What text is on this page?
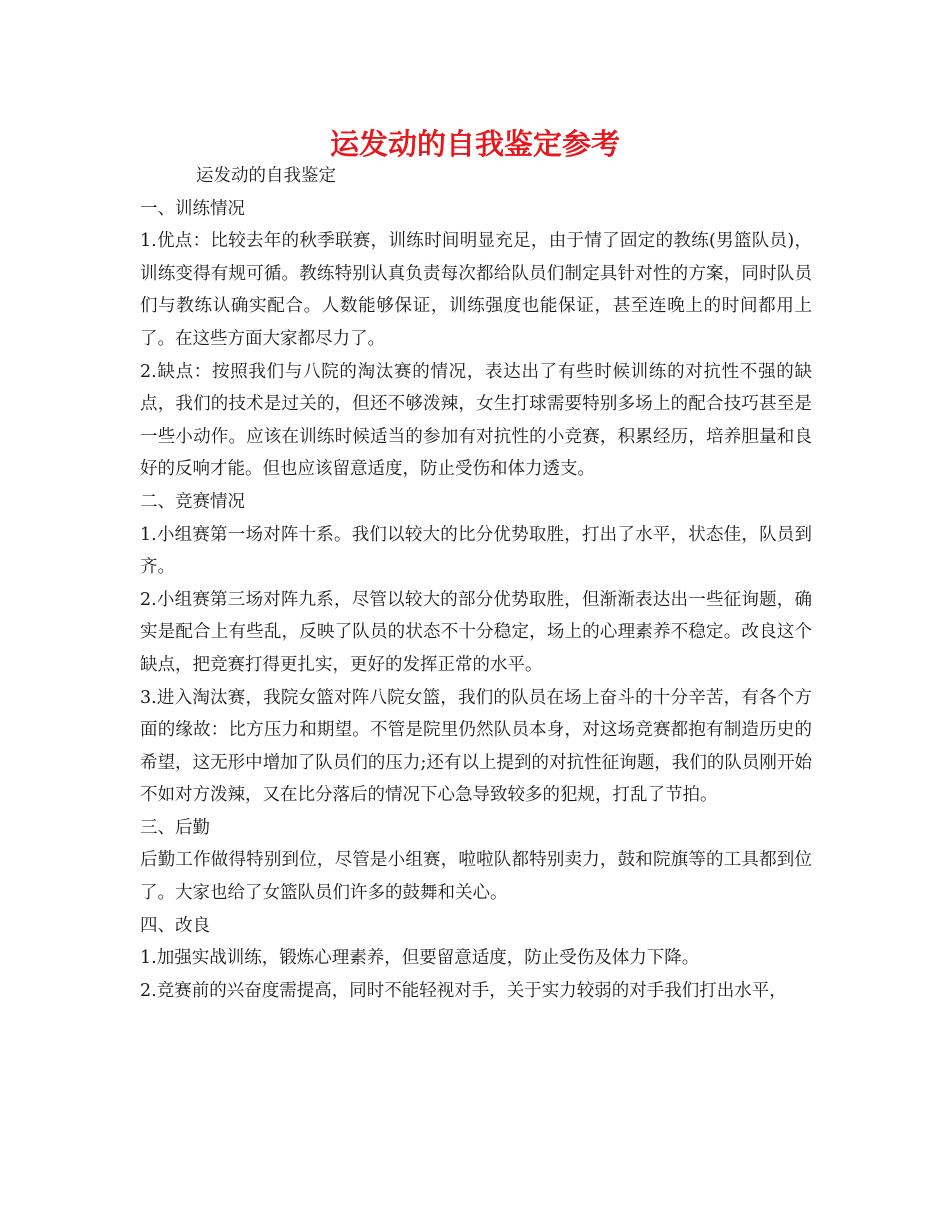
运发动的自我鉴定参考
运发动的自我鉴定

一、训练情况

1.优点：比较去年的秋季联赛，训练时间明显充足，由于情了固定的教练(男篮队员)，训练变得有规可循。教练特别认真负责每次都给队员们制定具针对性的方案，同时队员们与教练认确实配合。人数能够保证，训练强度也能保证，甚至连晚上的时间都用上了。在这些方面大家都尽力了。

2.缺点：按照我们与八院的淘汰赛的情况，表达出了有些时候训练的对抗性不强的缺点，我们的技术是过关的，但还不够泼辣，女生打球需要特别多场上的配合技巧甚至是一些小动作。应该在训练时候适当的参加有对抗性的小竞赛，积累经历，培养胆量和良好的反响才能。但也应该留意适度，防止受伤和体力透支。

二、竞赛情况

1.小组赛第一场对阵十系。我们以较大的比分优势取胜，打出了水平，状态佳，队员到齐。

2.小组赛第三场对阵九系，尽管以较大的部分优势取胜，但渐渐表达出一些征询题，确实是配合上有些乱，反映了队员的状态不十分稳定，场上的心理素养不稳定。改良这个缺点，把竞赛打得更扎实，更好的发挥正常的水平。

3.进入淘汰赛，我院女篮对阵八院女篮，我们的队员在场上奋斗的十分辛苦，有各个方面的缘故：比方压力和期望。不管是院里仍然队员本身，对这场竞赛都抱有制造历史的希望，这无形中增加了队员们的压力;还有以上提到的对抗性征询题，我们的队员刚开始不如对方泼辣，又在比分落后的情况下心急导致较多的犯规，打乱了节拍。

三、后勤

后勤工作做得特别到位，尽管是小组赛，啦啦队都特别卖力，鼓和院旗等的工具都到位了。大家也给了女篮队员们许多的鼓舞和关心。

四、改良

1.加强实战训练，锻炼心理素养，但要留意适度，防止受伤及体力下降。

2.竞赛前的兴奋度需提高，同时不能轻视对手，关于实力较弱的对手我们打出水平，
